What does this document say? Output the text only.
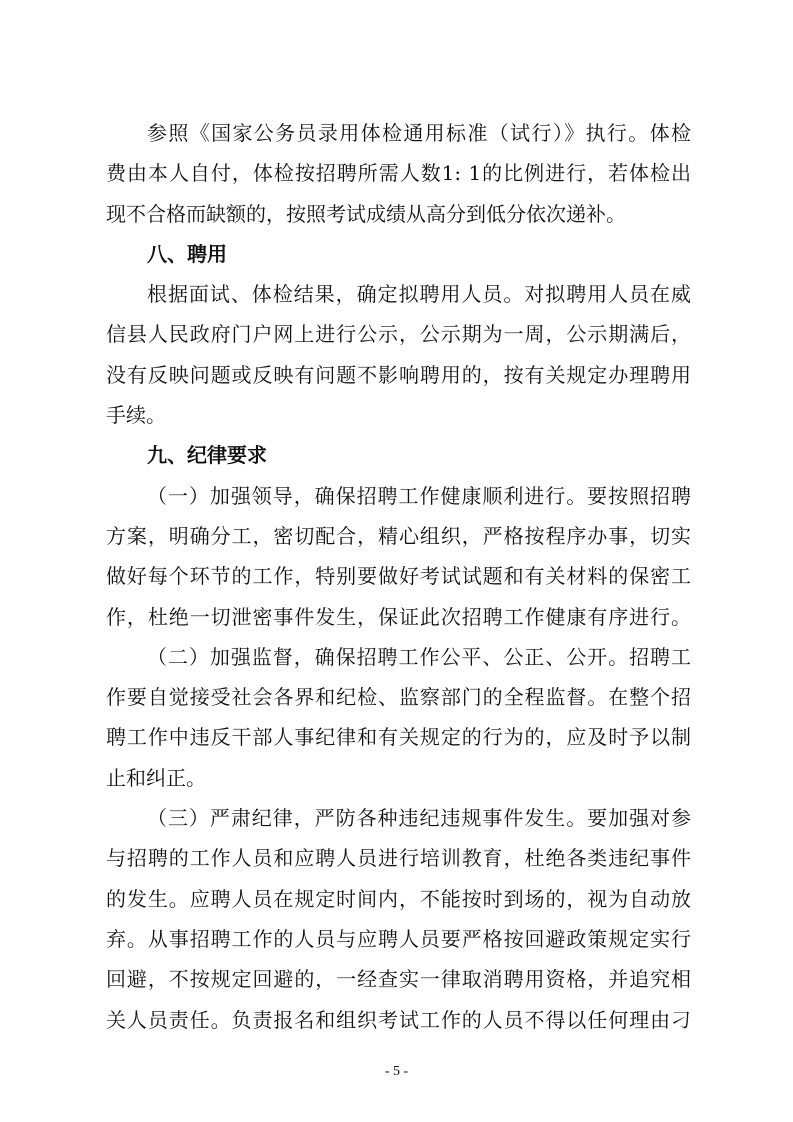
参照《国家公务员录用体检通用标准（试行）》执行。体检
费由本人自付，体检按招聘所需人数1: 1的比例进行，若体检出
现不合格而缺额的，按照考试成绩从高分到低分依次递补。
八、聘用
根据面试、体检结果，确定拟聘用人员。对拟聘用人员在威
信县人民政府门户网上进行公示，公示期为一周，公示期满后，
没有反映问题或反映有问题不影响聘用的，按有关规定办理聘用
手续。
九、纪律要求
（一）加强领导，确保招聘工作健康顺利进行。要按照招聘
方案，明确分工，密切配合，精心组织，严格按程序办事，切实
做好每个环节的工作，特别要做好考试试题和有关材料的保密工
作，杜绝一切泄密事件发生，保证此次招聘工作健康有序进行。
（二）加强监督，确保招聘工作公平、公正、公开。招聘工
作要自觉接受社会各界和纪检、监察部门的全程监督。在整个招
聘工作中违反干部人事纪律和有关规定的行为的，应及时予以制
止和纠正。
（三）严肃纪律，严防各种违纪违规事件发生。要加强对参
与招聘的工作人员和应聘人员进行培训教育，杜绝各类违纪事件
的发生。应聘人员在规定时间内，不能按时到场的，视为自动放
弃。从事招聘工作的人员与应聘人员要严格按回避政策规定实行
回避，不按规定回避的，一经查实一律取消聘用资格，并追究相
关人员责任。负责报名和组织考试工作的人员不得以任何理由刁
- 5 -
